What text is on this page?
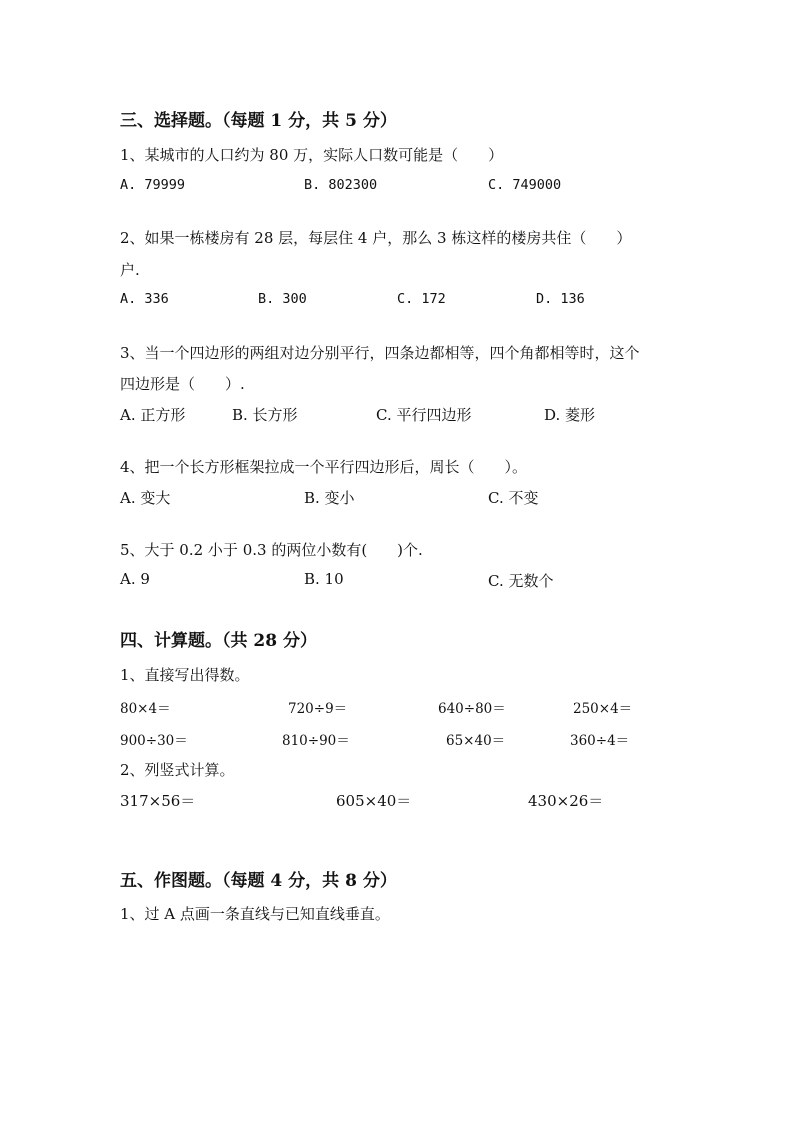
三、选择题。（每题 1 分，共 5 分）
1、某城市的人口约为 80 万，实际人口数可能是（　　）
A. 79999	B. 802300	C. 749000
2、如果一栋楼房有 28 层，每层住 4 户，那么 3 栋这样的楼房共住（　　）
户.
A. 336	B. 300	C. 172	D. 136
3、当一个四边形的两组对边分别平行，四条边都相等，四个角都相等时，这个
四边形是（　　）.
A. 正方形	B. 长方形	C. 平行四边形	D. 菱形
4、把一个长方形框架拉成一个平行四边形后，周长（　　）。
A. 变大	B. 变小	C. 不变
5、大于 0.2 小于 0.3 的两位小数有(　　)个.
A. 9	B. 10	C. 无数个
四、计算题。（共 28 分）
1、直接写出得数。
80×4＝	720÷9＝	640÷80＝	250×4＝
900÷30＝	810÷90＝	65×40＝	360÷4＝
2、列竖式计算。
317×56＝	605×40＝	430×26＝
五、作图题。（每题 4 分，共 8 分）
1、过 A 点画一条直线与已知直线垂直。
